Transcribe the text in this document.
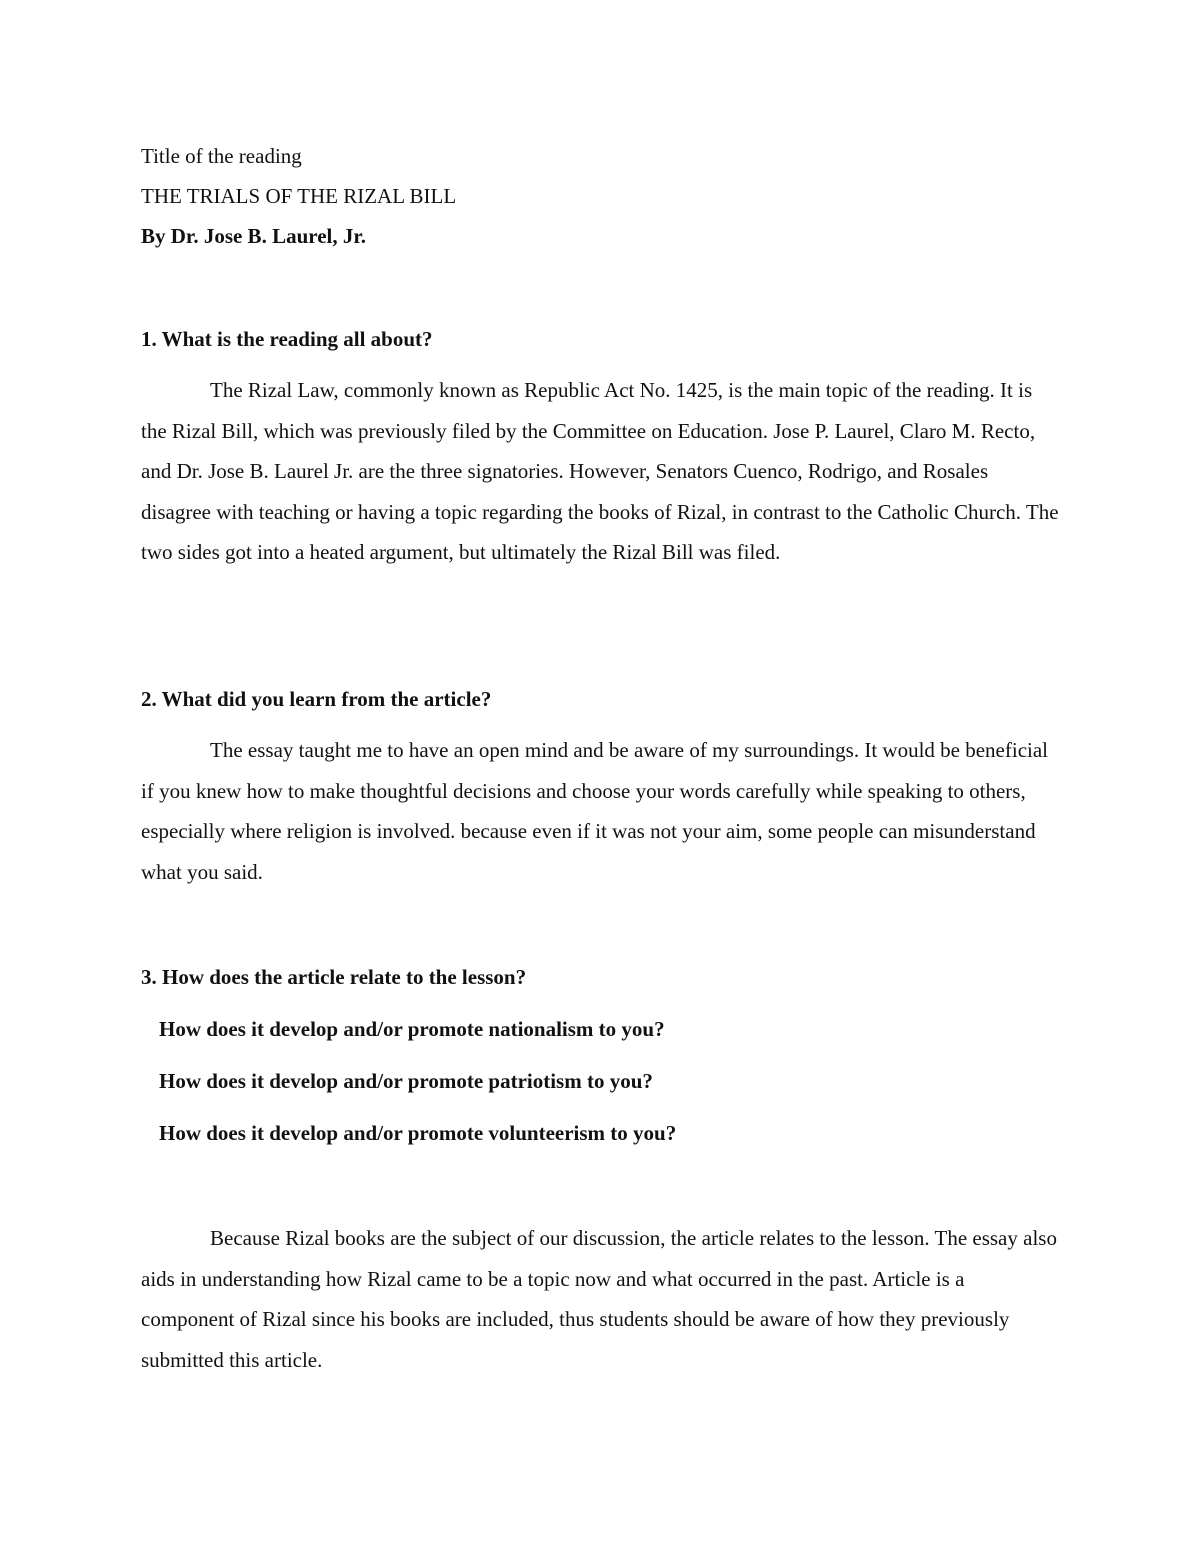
Title of the reading
THE TRIALS OF THE RIZAL BILL
By Dr. Jose B. Laurel, Jr.
1. What is the reading all about?
The Rizal Law, commonly known as Republic Act No. 1425, is the main topic of the reading. It is the Rizal Bill, which was previously filed by the Committee on Education. Jose P. Laurel, Claro M. Recto, and Dr. Jose B. Laurel Jr. are the three signatories. However, Senators Cuenco, Rodrigo, and Rosales disagree with teaching or having a topic regarding the books of Rizal, in contrast to the Catholic Church. The two sides got into a heated argument, but ultimately the Rizal Bill was filed.
2. What did you learn from the article?
The essay taught me to have an open mind and be aware of my surroundings. It would be beneficial if you knew how to make thoughtful decisions and choose your words carefully while speaking to others, especially where religion is involved. because even if it was not your aim, some people can misunderstand what you said.
3. How does the article relate to the lesson?
How does it develop and/or promote nationalism to you?
How does it develop and/or promote patriotism to you?
How does it develop and/or promote volunteerism to you?
Because Rizal books are the subject of our discussion, the article relates to the lesson. The essay also aids in understanding how Rizal came to be a topic now and what occurred in the past. Article is a component of Rizal since his books are included, thus students should be aware of how they previously submitted this article.
